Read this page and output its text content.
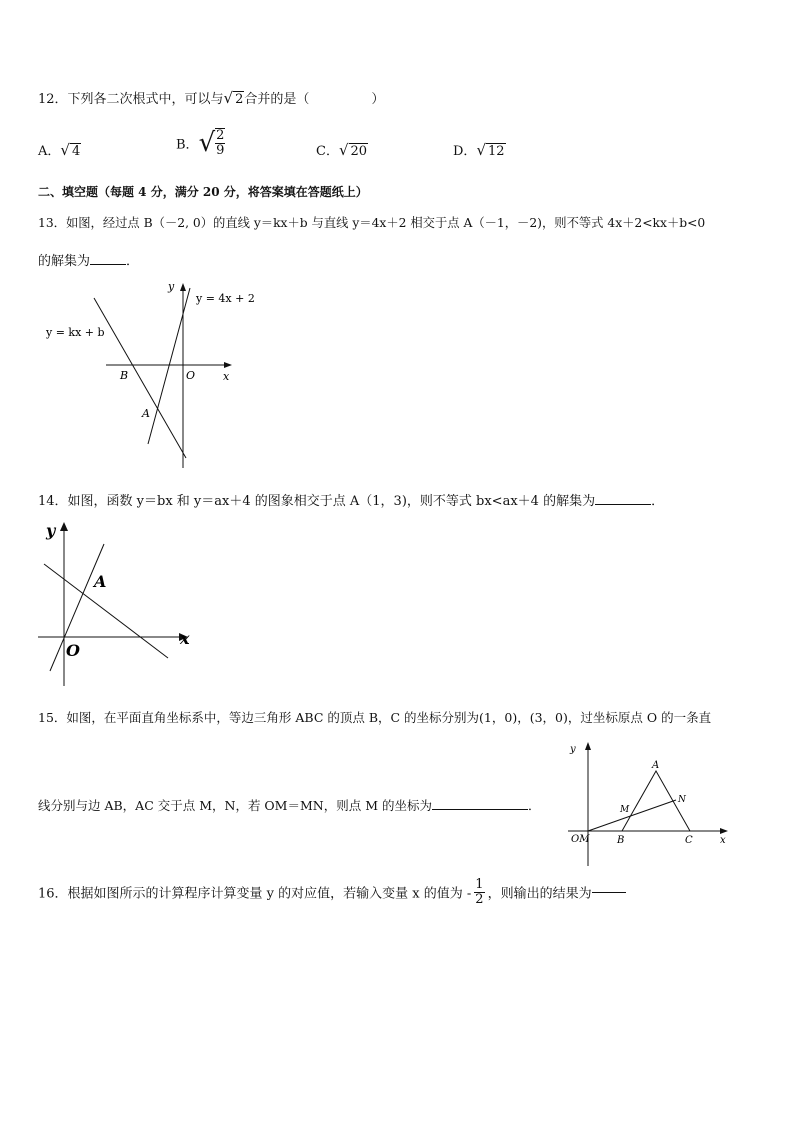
12．下列各二次根式中，可以与√ 2合并的是（	）
A．√ 4	B．√ $\frac{2}{9}$	C．√ 20	D．√ 12
二、填空题（每题 4 分，满分 20 分，将答案填在答题纸上）
13．如图，经过点 B（－2, 0）的直线 y＝kx＋b 与直线 y＝4x＋2 相交于点 A（－1，－2)，则不等式 4x＋2<kx＋b<0
的解集为	．
y
x
O
B
A
y = kx + b
y = 4x + 2
14．如图，函数 y＝bx 和 y＝ax＋4 的图象相交于点 A（1，3)，则不等式 bx<ax＋4 的解集为	．
y
x
O
A
15．如图，在平面直角坐标系中，等边三角形 ABC 的顶点 B，C 的坐标分别为(1，0)，(3，0)，过坐标原点 O 的一条直
线分别与边 AB，AC 交于点 M，N，若 OM＝MN，则点 M 的坐标为	．
y
x
OM
A
B	C
M
N
16．根据如图所示的计算程序计算变量 y 的对应值，若输入变量 x 的值为 - $\frac{1}{2}$ ，则输出的结果为
